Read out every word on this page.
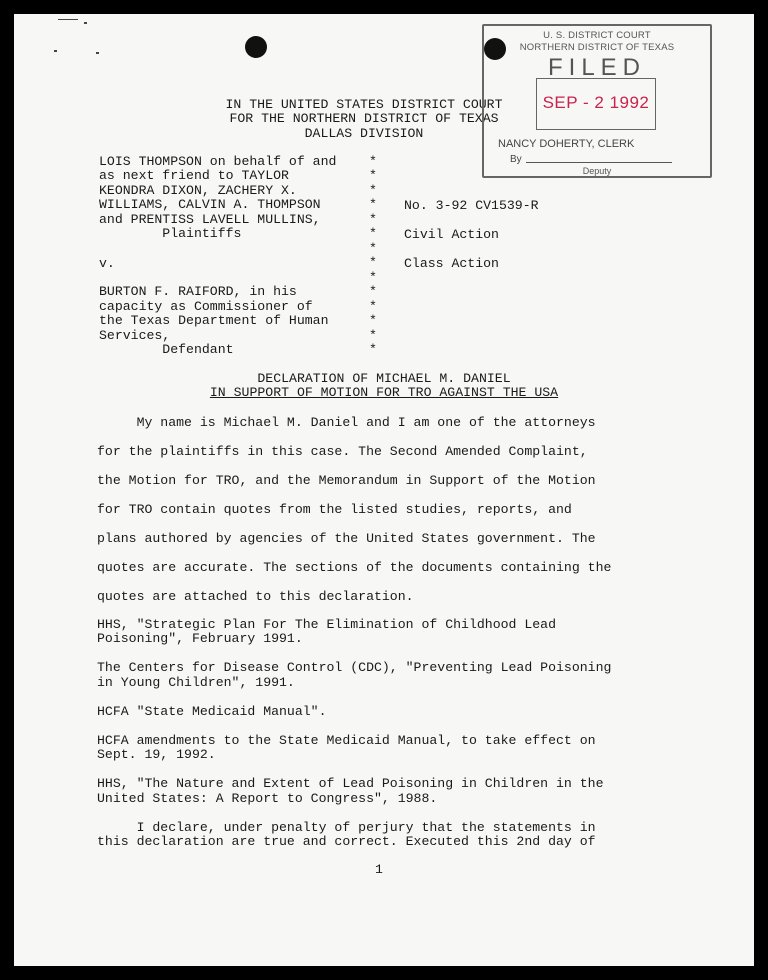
IN THE UNITED STATES DISTRICT COURT
FOR THE NORTHERN DISTRICT OF TEXAS
DALLAS DIVISION
U. S. DISTRICT COURT
NORTHERN DISTRICT OF TEXAS
FILED
SEP - 2 1992
NANCY DOHERTY, CLERK
By
Deputy
LOIS THOMPSON on behalf of and
as next friend to TAYLOR
KEONDRA DIXON, ZACHERY X.
WILLIAMS, CALVIN A. THOMPSON
and PRENTISS LAVELL MULLINS,
Plaintiffs
v.
BURTON F. RAIFORD, in his
capacity as Commissioner of
the Texas Department of Human
Services,
Defendant
*
*
*
*
*
*
*
*
*
*
*
*
*
*
No. 3-92 CV1539-R
Civil Action
Class Action
DECLARATION OF MICHAEL M. DANIEL
IN SUPPORT OF MOTION FOR TRO AGAINST THE USA
My name is Michael M. Daniel and I am one of the attorneys
for the plaintiffs in this case. The Second Amended Complaint,
the Motion for TRO, and the Memorandum in Support of the Motion
for TRO contain quotes from the listed studies, reports, and
plans authored by agencies of the United States government. The
quotes are accurate. The sections of the documents containing the
quotes are attached to this declaration.
HHS, "Strategic Plan For The Elimination of Childhood Lead
Poisoning", February 1991.
The Centers for Disease Control (CDC), "Preventing Lead Poisoning
in Young Children", 1991.
HCFA "State Medicaid Manual".
HCFA amendments to the State Medicaid Manual, to take effect on
Sept. 19, 1992.
HHS, "The Nature and Extent of Lead Poisoning in Children in the
United States: A Report to Congress", 1988.
I declare, under penalty of perjury that the statements in
this declaration are true and correct. Executed this 2nd day of
1
